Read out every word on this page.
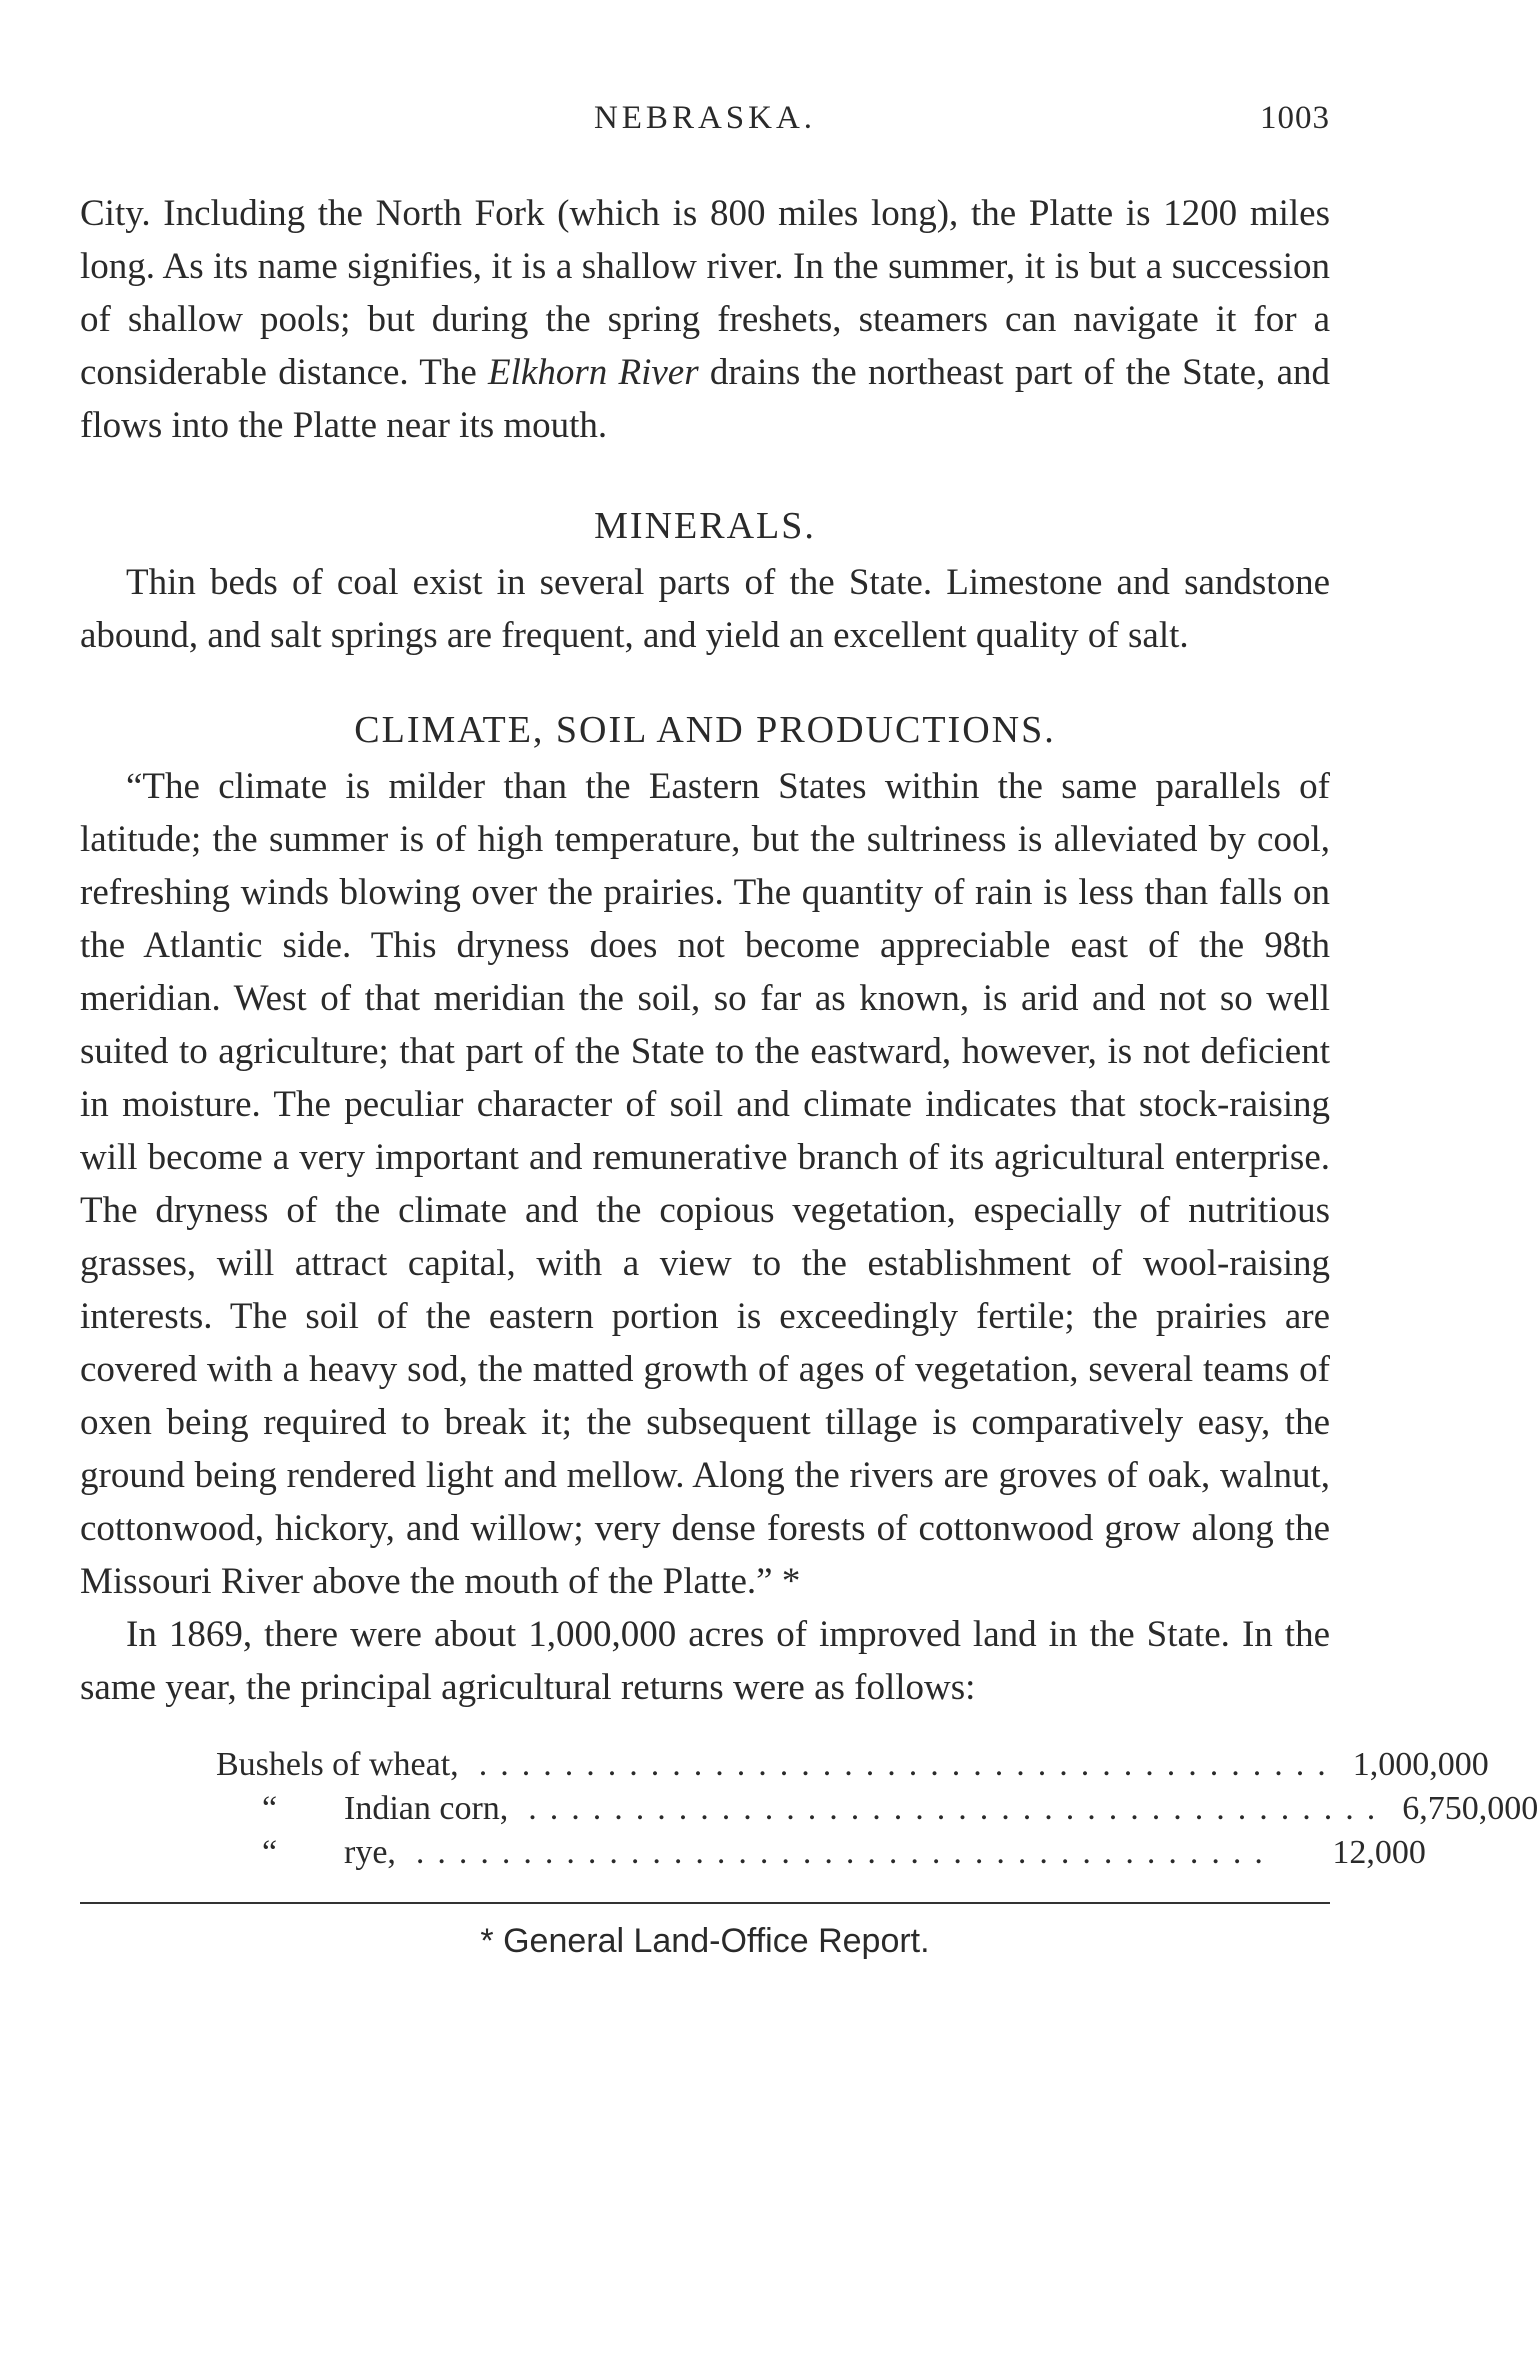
NEBRASKA.	1003

City. Including the North Fork (which is 800 miles long), the Platte is 1200 miles long. As its name signifies, it is a shallow river. In the summer, it is but a succession of shallow pools; but during the spring freshets, steamers can navigate it for a considerable distance. The Elkhorn River drains the northeast part of the State, and flows into the Platte near its mouth.

MINERALS.

Thin beds of coal exist in several parts of the State. Limestone and sandstone abound, and salt springs are frequent, and yield an excellent quality of salt.

CLIMATE, SOIL AND PRODUCTIONS.

“The climate is milder than the Eastern States within the same parallels of latitude; the summer is of high temperature, but the sultriness is alleviated by cool, refreshing winds blowing over the prairies. The quantity of rain is less than falls on the Atlantic side. This dryness does not become appreciable east of the 98th meridian. West of that meridian the soil, so far as known, is arid and not so well suited to agriculture; that part of the State to the eastward, however, is not deficient in moisture. The peculiar character of soil and climate indicates that stock-raising will become a very important and remunerative branch of its agricultural enterprise. The dryness of the climate and the copious vegetation, especially of nutritious grasses, will attract capital, with a view to the establishment of wool-raising interests. The soil of the eastern portion is exceedingly fertile; the prairies are covered with a heavy sod, the matted growth of ages of vegetation, several teams of oxen being required to break it; the subsequent tillage is comparatively easy, the ground being rendered light and mellow. Along the rivers are groves of oak, walnut, cottonwood, hickory, and willow; very dense forests of cottonwood grow along the Missouri River above the mouth of the Platte.” *

In 1869, there were about 1,000,000 acres of improved land in the State. In the same year, the principal agricultural returns were as follows:

Bushels of wheat, ........................................ 1,000,000
“ Indian corn, ........................................ 6,750,000
“ rye, ........................................	12,000
* General Land-Office Report.
